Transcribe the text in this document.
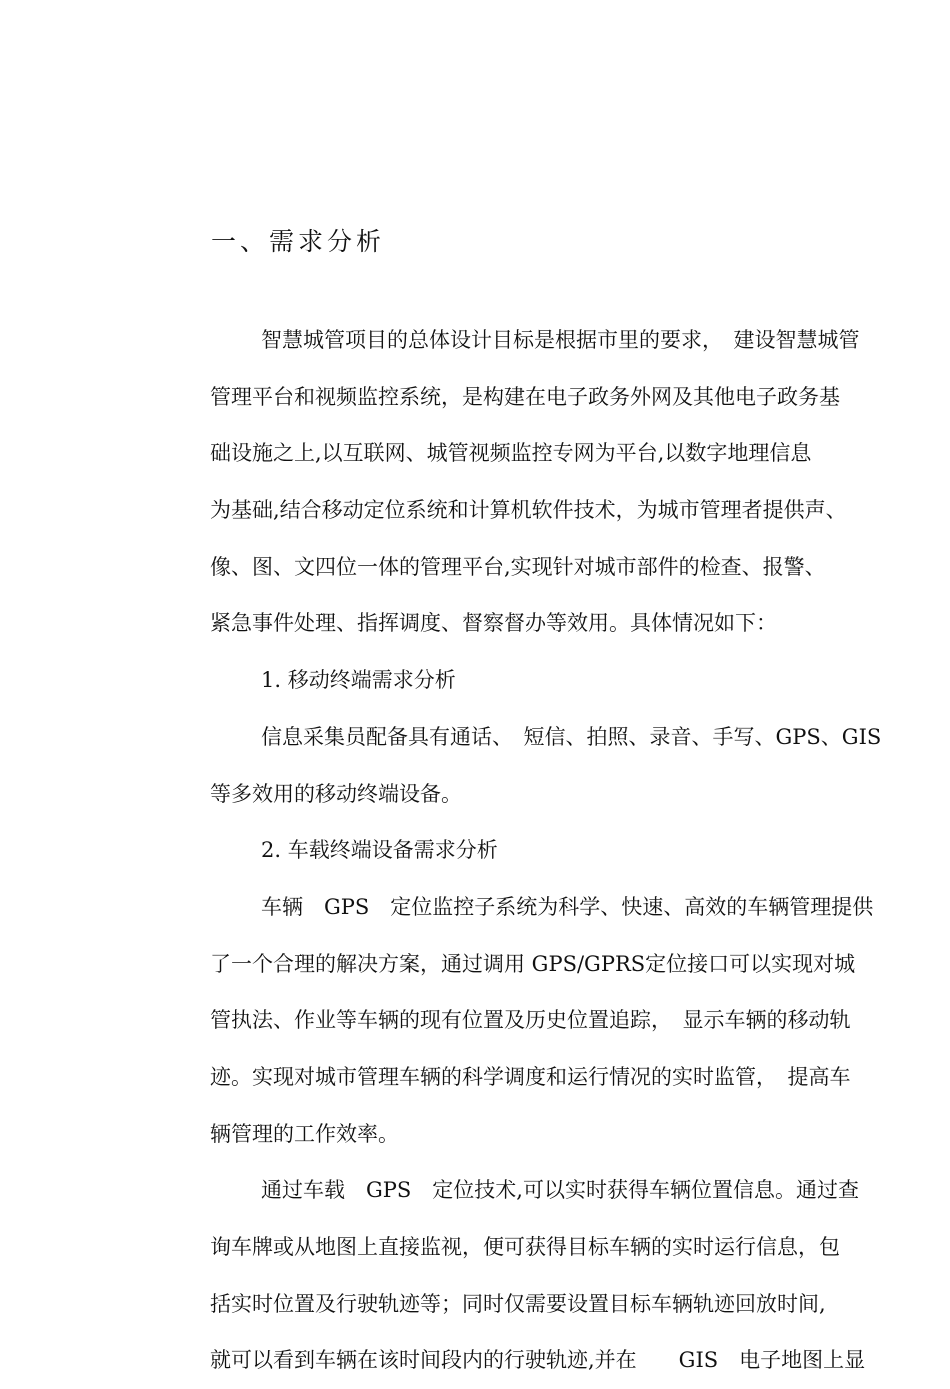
一、需求分析
智慧城管项目的总体设计目标是根据市里的要求，　建设智慧城管
管理平台和视频监控系统，是构建在电子政务外网及其他电子政务基
础设施之上,以互联网、城管视频监控专网为平台,以数字地理信息
为基础,结合移动定位系统和计算机软件技术，为城市管理者提供声、
像、图、文四位一体的管理平台,实现针对城市部件的检查、报警、
紧急事件处理、指挥调度、督察督办等效用。具体情况如下：
1. 移动终端需求分析
信息采集员配备具有通话、　短信、拍照、录音、手写、GPS、GIS
等多效用的移动终端设备。
2. 车载终端设备需求分析
车辆　GPS　定位监控子系统为科学、快速、高效的车辆管理提供
了一个合理的解决方案，通过调用 GPS/GPRS定位接口可以实现对城
管执法、作业等车辆的现有位置及历史位置追踪，　显示车辆的移动轨
迹。实现对城市管理车辆的科学调度和运行情况的实时监管，　提高车
辆管理的工作效率。
通过车载　GPS　定位技术,可以实时获得车辆位置信息。通过查
询车牌或从地图上直接监视，便可获得目标车辆的实时运行信息，包
括实时位置及行驶轨迹等；同时仅需要设置目标车辆轨迹回放时间,
就可以看到车辆在该时间段内的行驶轨迹,并在　　GIS　电子地图上显
